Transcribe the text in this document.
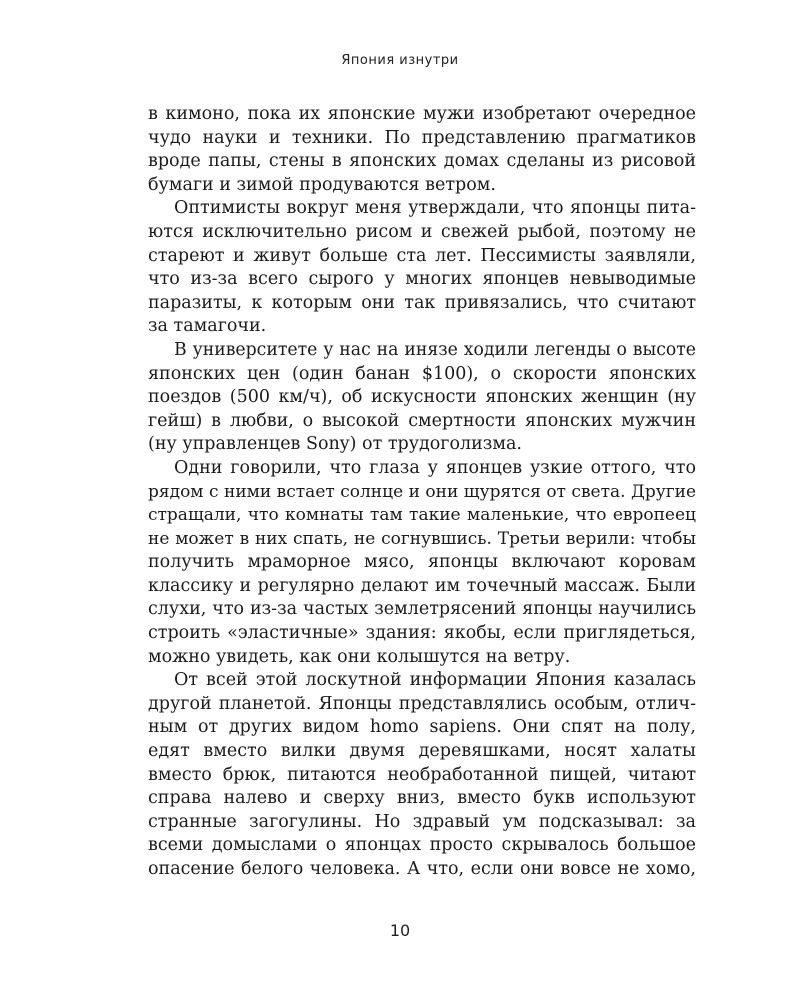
Япония изнутри
в кимоно, пока их японские мужи изобретают очередное
чудо науки и техники. По представлению прагматиков
вроде папы, стены в японских домах сделаны из рисовой
бумаги и зимой продуваются ветром.
Оптимисты вокруг меня утверждали, что японцы пита-
ются исключительно рисом и свежей рыбой, поэтому не
стареют и живут больше ста лет. Пессимисты заявляли,
что из-за всего сырого у многих японцев невыводимые
паразиты, к которым они так привязались, что считают
за тамагочи.
В университете у нас на инязе ходили легенды о высоте
японских цен (один банан $100), о скорости японских
поездов (500 км/ч), об искусности японских женщин (ну
гейш) в любви, о высокой смертности японских мужчин
(ну управленцев Sony) от трудоголизма.
Одни говорили, что глаза у японцев узкие оттого, что
рядом с ними встает солнце и они щурятся от света. Другие
стращали, что комнаты там такие маленькие, что европеец
не может в них спать, не согнувшись. Третьи верили: чтобы
получить мраморное мясо, японцы включают коровам
классику и регулярно делают им точечный массаж. Были
слухи, что из-за частых землетрясений японцы научились
строить «эластичные» здания: якобы, если приглядеться,
можно увидеть, как они колышутся на ветру.
От всей этой лоскутной информации Япония казалась
другой планетой. Японцы представлялись особым, отлич-
ным от других видом homo sapiens. Они спят на полу,
едят вместо вилки двумя деревяшками, носят халаты
вместо брюк, питаются необработанной пищей, читают
справа налево и сверху вниз, вместо букв используют
странные загогулины. Но здравый ум подсказывал: за
всеми домыслами о японцах просто скрывалось большое
опасение белого человека. А что, если они вовсе не хомо,
10
